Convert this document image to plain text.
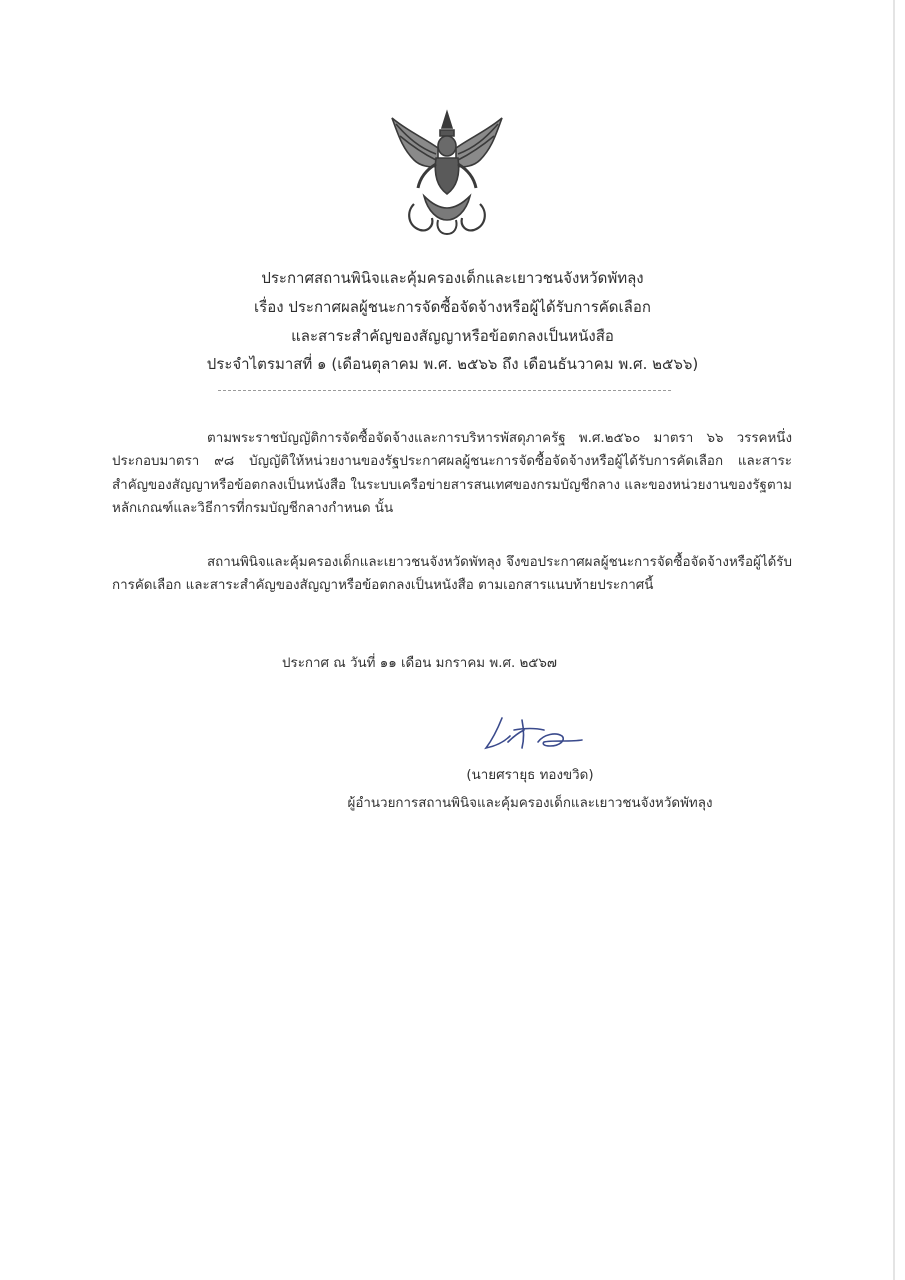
ประกาศสถานพินิจและคุ้มครองเด็กและเยาวชนจังหวัดพัทลุง
เรื่อง ประกาศผลผู้ชนะการจัดซื้อจัดจ้างหรือผู้ได้รับการคัดเลือก
และสาระสำคัญของสัญญาหรือข้อตกลงเป็นหนังสือ
ประจำไตรมาสที่ ๑ (เดือนตุลาคม พ.ศ. ๒๕๖๖ ถึง เดือนธันวาคม พ.ศ. ๒๕๖๖)
ตามพระราชบัญญัติการจัดซื้อจัดจ้างและการบริหารพัสดุภาครัฐ พ.ศ.๒๕๖๐ มาตรา ๖๖ วรรคหนึ่ง ประกอบมาตรา ๙๘ บัญญัติให้หน่วยงานของรัฐประกาศผลผู้ชนะการจัดซื้อจัดจ้างหรือผู้ได้รับการคัดเลือก และสาระสำคัญของสัญญาหรือข้อตกลงเป็นหนังสือ ในระบบเครือข่ายสารสนเทศของกรมบัญชีกลาง และของหน่วยงานของรัฐตามหลักเกณฑ์และวิธีการที่กรมบัญชีกลางกำหนด นั้น
สถานพินิจและคุ้มครองเด็กและเยาวชนจังหวัดพัทลุง จึงขอประกาศผลผู้ชนะการจัดซื้อจัดจ้างหรือผู้ได้รับการคัดเลือก และสาระสำคัญของสัญญาหรือข้อตกลงเป็นหนังสือ ตามเอกสารแนบท้ายประกาศนี้
ประกาศ ณ วันที่ ๑๑ เดือน มกราคม พ.ศ. ๒๕๖๗
(นายศรายุธ ทองขวิด)
ผู้อำนวยการสถานพินิจและคุ้มครองเด็กและเยาวชนจังหวัดพัทลุง
